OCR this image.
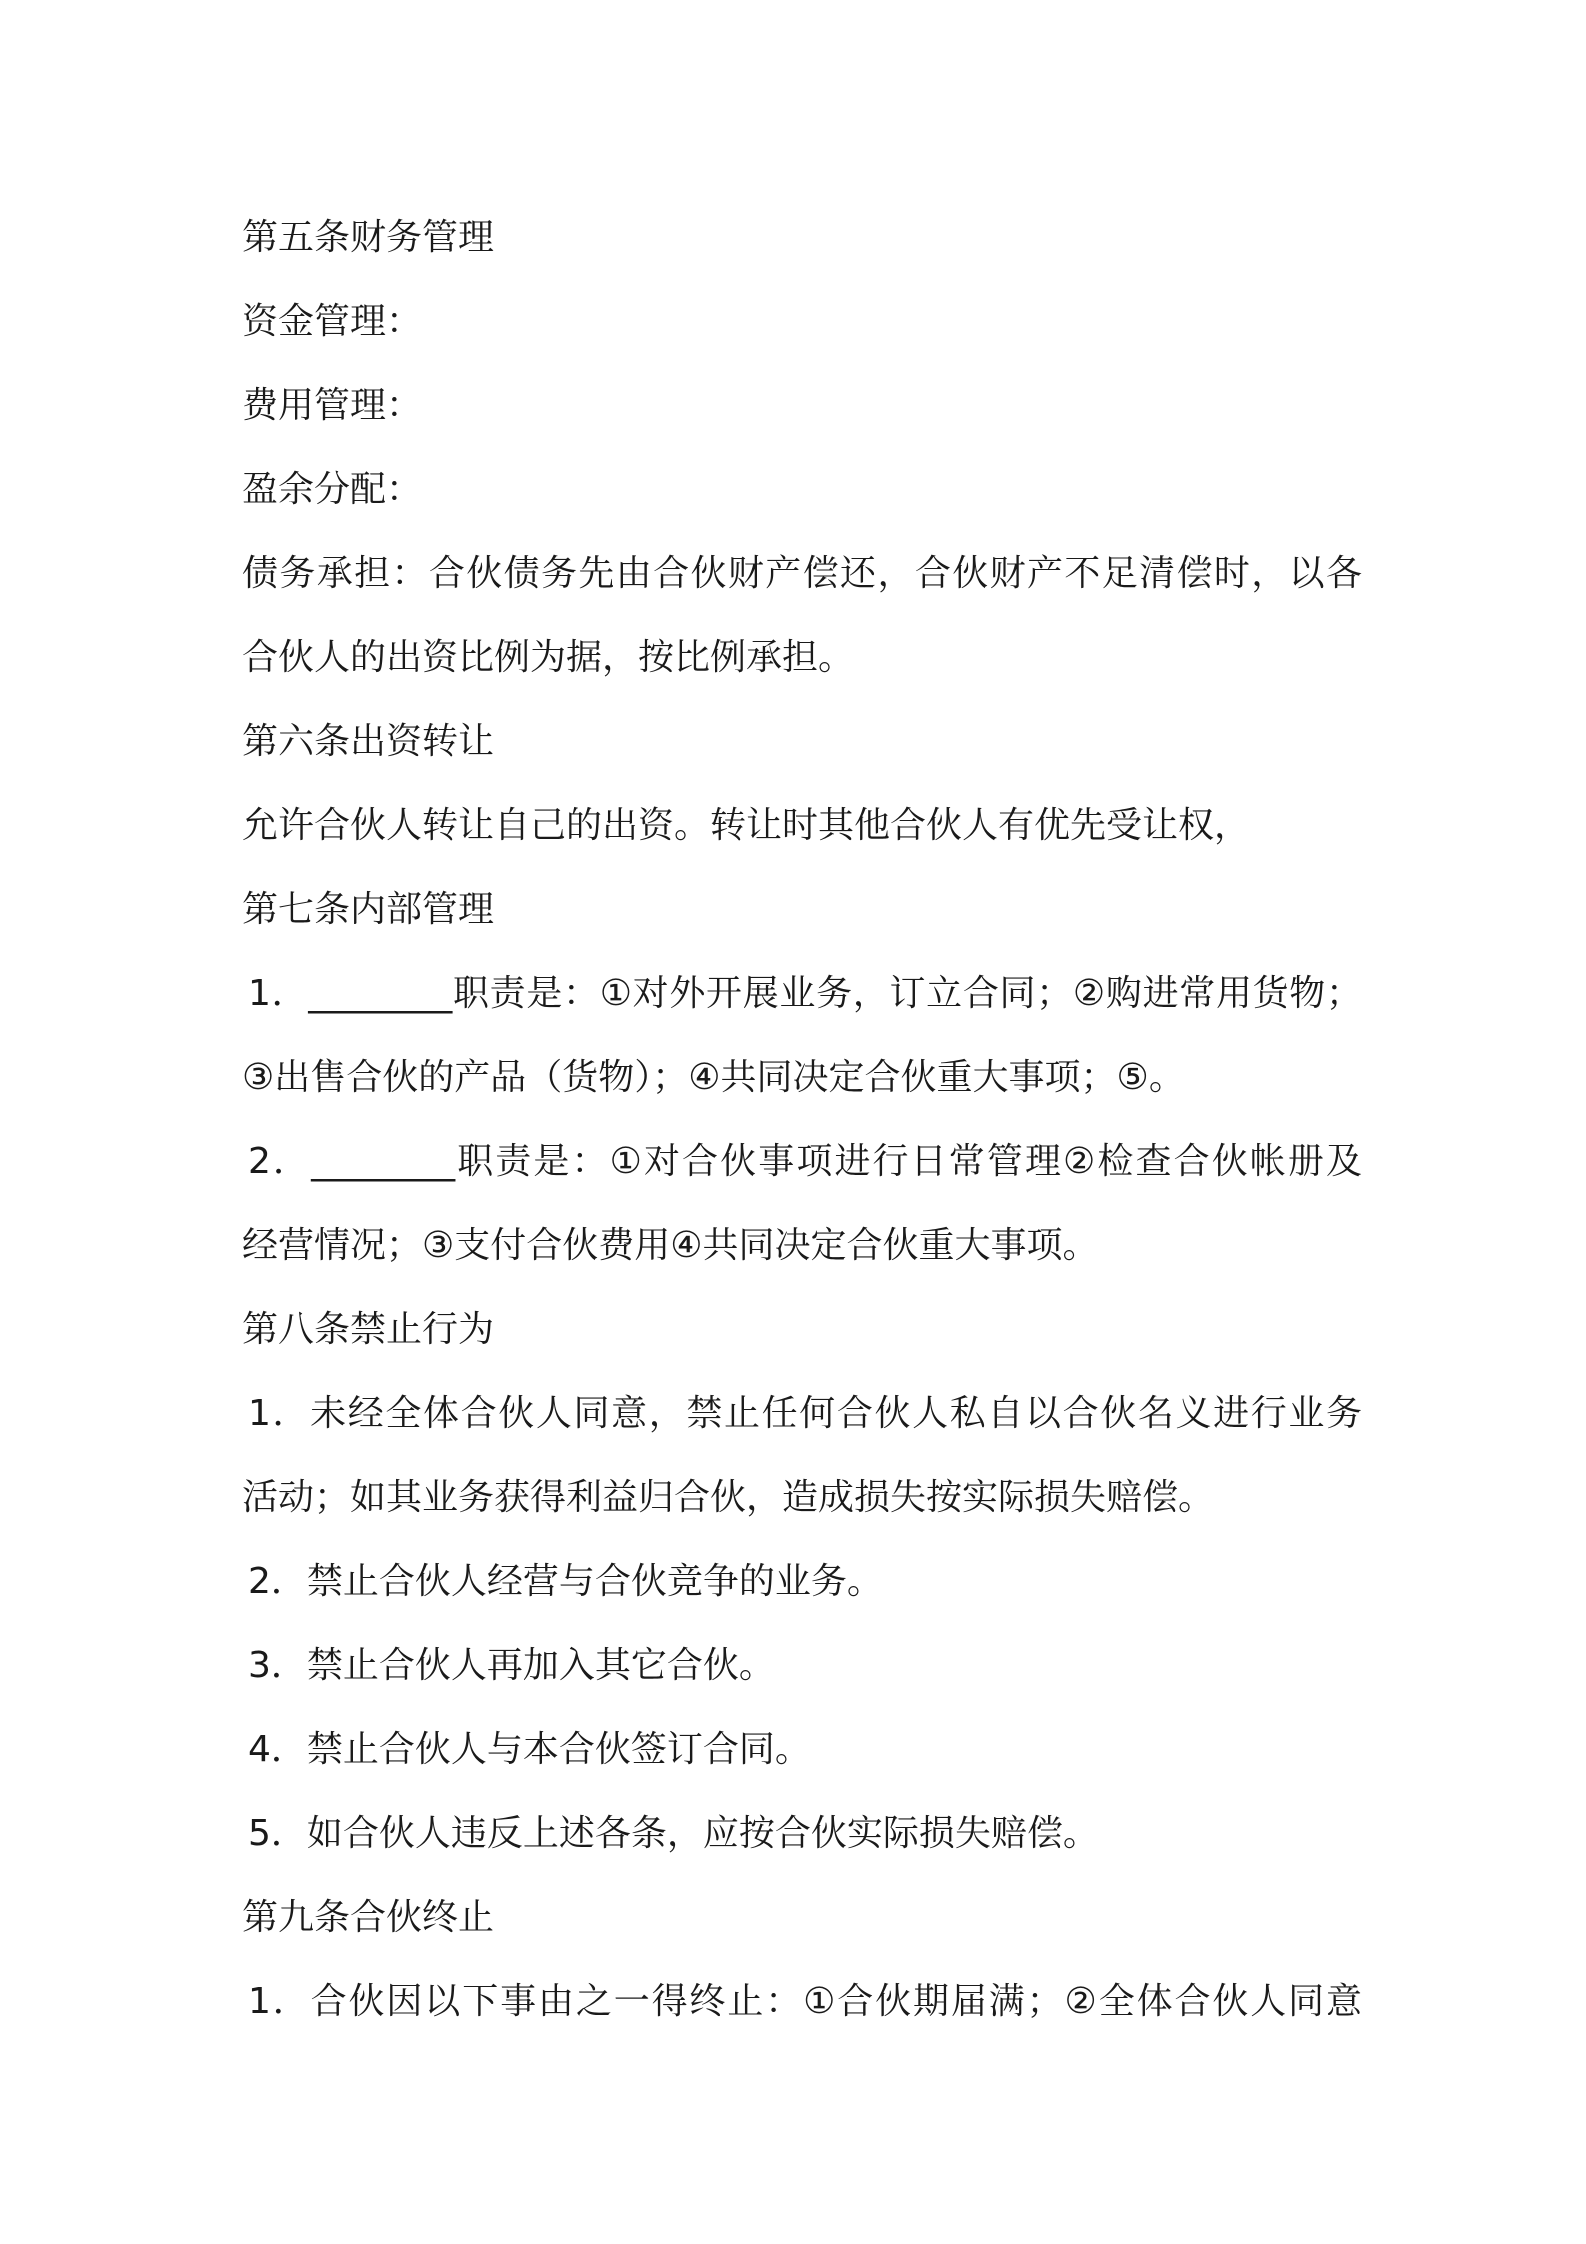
第五条财务管理
资金管理：
费用管理：
盈余分配：
债务承担：合伙债务先由合伙财产偿还，合伙财产不足清偿时，以各
合伙人的出资比例为据，按比例承担。
第六条出资转让
允许合伙人转让自己的出资。转让时其他合伙人有优先受让权，
第七条内部管理
1．________职责是：①对外开展业务，订立合同；②购进常用货物；
③出售合伙的产品（货物）；④共同决定合伙重大事项；⑤。
2．________职责是：①对合伙事项进行日常管理②检查合伙帐册及
经营情况；③支付合伙费用④共同决定合伙重大事项。
第八条禁止行为
1．未经全体合伙人同意，禁止任何合伙人私自以合伙名义进行业务
活动；如其业务获得利益归合伙，造成损失按实际损失赔偿。
2．禁止合伙人经营与合伙竞争的业务。
3．禁止合伙人再加入其它合伙。
4．禁止合伙人与本合伙签订合同。
5．如合伙人违反上述各条，应按合伙实际损失赔偿。
第九条合伙终止
1．合伙因以下事由之一得终止：①合伙期届满；②全体合伙人同意
